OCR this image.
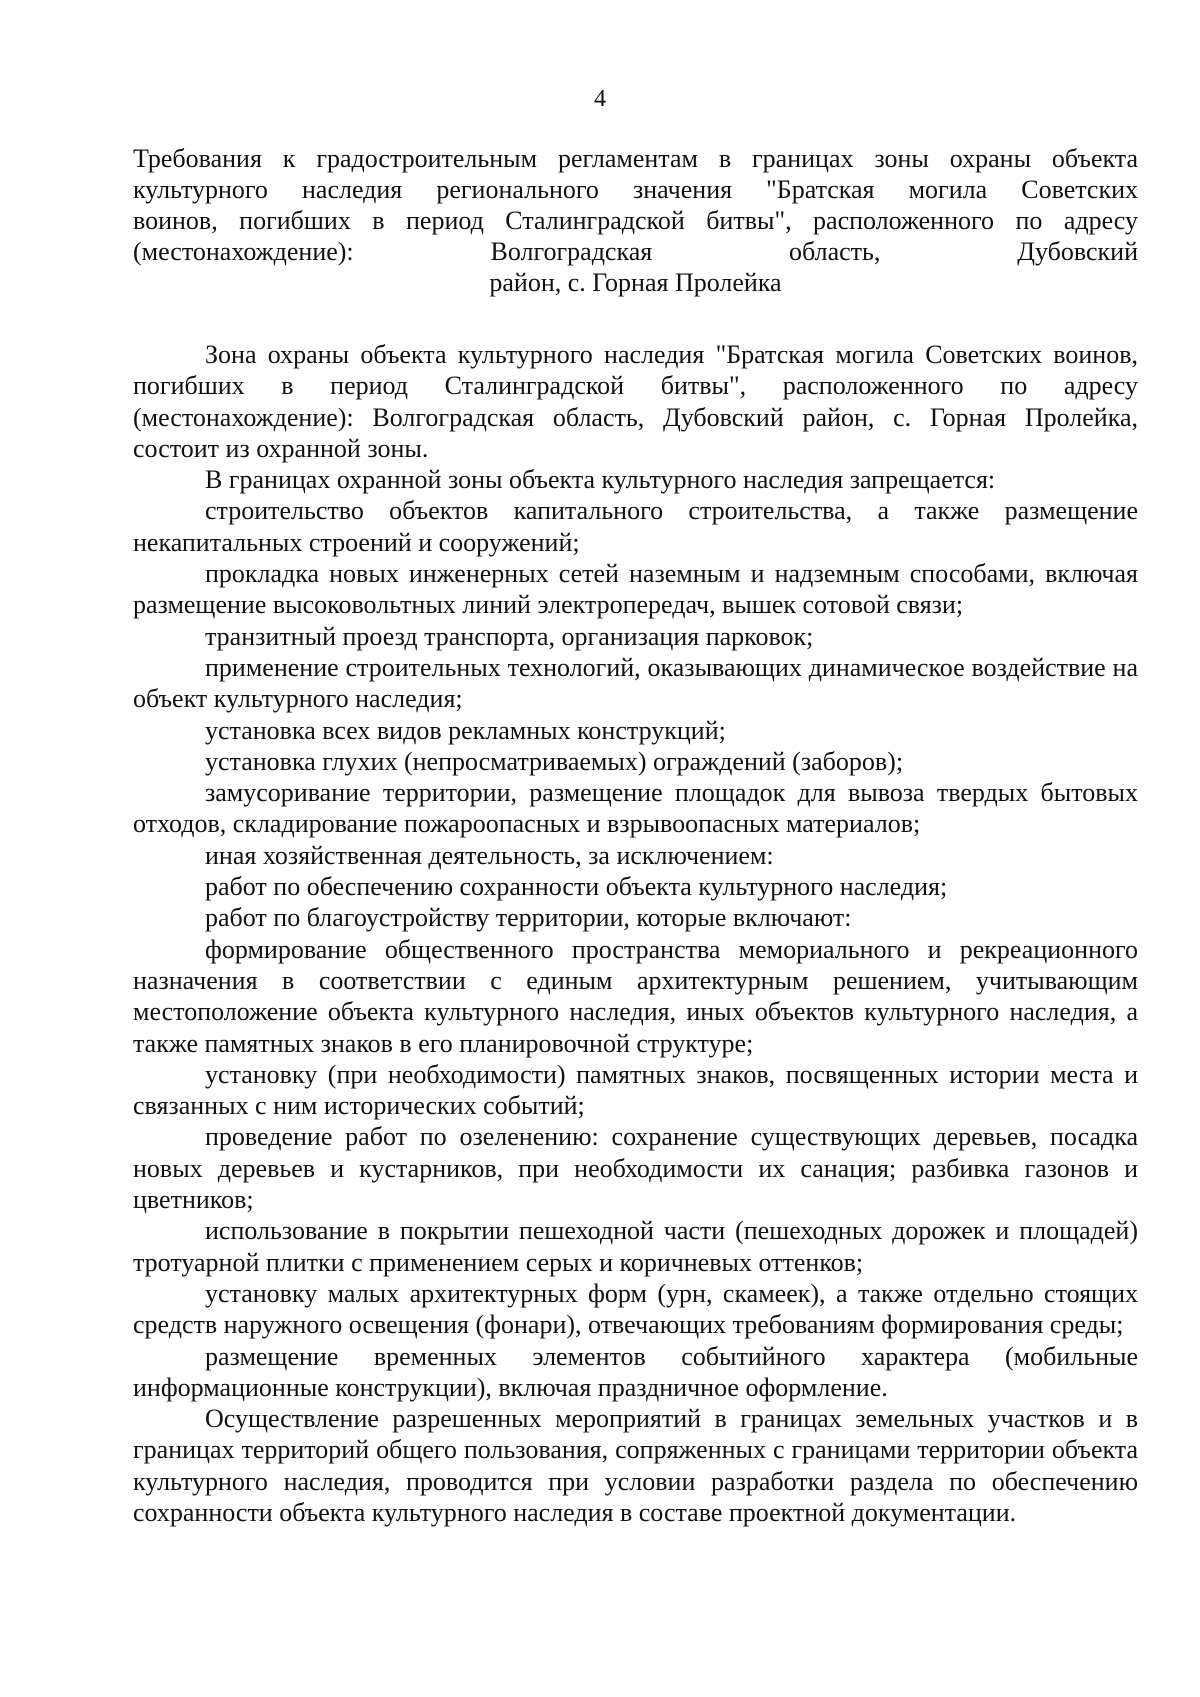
4
Требования к градостроительным регламентам в границах зоны охраны объекта
культурного наследия регионального значения "Братская могила Советских
воинов, погибших в период Сталинградской битвы", расположенного по адресу
(местонахождение): Волгоградская область, Дубовский
район, с. Горная Пролейка

Зона охраны объекта культурного наследия "Братская могила Советских воинов, погибших в период Сталинградской битвы", расположенного по адресу (местонахождение): Волгоградская область, Дубовский район, с. Горная Пролейка, состоит из охранной зоны.

В границах охранной зоны объекта культурного наследия запрещается:

строительство объектов капитального строительства, а также размещение некапитальных строений и сооружений;

прокладка новых инженерных сетей наземным и надземным способами, включая размещение высоковольтных линий электропередач, вышек сотовой связи;

транзитный проезд транспорта, организация парковок;

применение строительных технологий, оказывающих динамическое воздействие на объект культурного наследия;

установка всех видов рекламных конструкций;

установка глухих (непросматриваемых) ограждений (заборов);

замусоривание территории, размещение площадок для вывоза твердых бытовых отходов, складирование пожароопасных и взрывоопасных материалов;

иная хозяйственная деятельность, за исключением:

работ по обеспечению сохранности объекта культурного наследия;

работ по благоустройству территории, которые включают:

формирование общественного пространства мемориального и рекреационного назначения в соответствии с единым архитектурным решением, учитывающим местоположение объекта культурного наследия, иных объектов культурного наследия, а также памятных знаков в его планировочной структуре;

установку (при необходимости) памятных знаков, посвященных истории места и связанных с ним исторических событий;

проведение работ по озеленению: сохранение существующих деревьев, посадка новых деревьев и кустарников, при необходимости их санация; разбивка газонов и цветников;

использование в покрытии пешеходной части (пешеходных дорожек и площадей) тротуарной плитки с применением серых и коричневых оттенков;

установку малых архитектурных форм (урн, скамеек), а также отдельно стоящих средств наружного освещения (фонари), отвечающих требованиям формирования среды;

размещение временных элементов событийного характера (мобильные информационные конструкции), включая праздничное оформление.

Осуществление разрешенных мероприятий в границах земельных участков и в границах территорий общего пользования, сопряженных с границами территории объекта культурного наследия, проводится при условии разработки раздела по обеспечению сохранности объекта культурного наследия в составе проектной документации.
